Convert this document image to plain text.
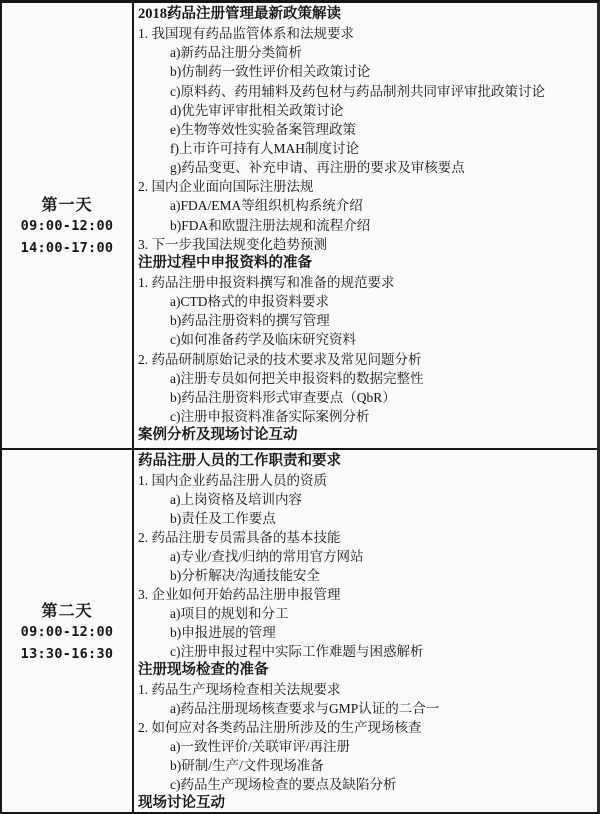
第一天
09:00-12:00
14:00-17:00
2018药品注册管理最新政策解读
1. 我国现有药品监管体系和法规要求
a)新药品注册分类简析
b)仿制药一致性评价相关政策讨论
c)原料药、药用辅料及药包材与药品制剂共同审评审批政策讨论
d)优先审评审批相关政策讨论
e)生物等效性实验备案管理政策
f)上市许可持有人MAH制度讨论
g)药品变更、补充申请、再注册的要求及审核要点
2. 国内企业面向国际注册法规
a)FDA/EMA等组织机构系统介绍
b)FDA和欧盟注册法规和流程介绍
3. 下一步我国法规变化趋势预测
注册过程中申报资料的准备
1. 药品注册申报资料撰写和准备的规范要求
a)CTD格式的申报资料要求
b)药品注册资料的撰写管理
c)如何准备药学及临床研究资料
2. 药品研制原始记录的技术要求及常见问题分析
a)注册专员如何把关申报资料的数据完整性
b)药品注册资料形式审查要点（QbR）
c)注册申报资料准备实际案例分析
案例分析及现场讨论互动
第二天
09:00-12:00
13:30-16:30
药品注册人员的工作职责和要求
1. 国内企业药品注册人员的资质
a)上岗资格及培训内容
b)责任及工作要点
2. 药品注册专员需具备的基本技能
a)专业/查找/归纳的常用官方网站
b)分析解决/沟通技能安全
3. 企业如何开始药品注册申报管理
a)项目的规划和分工
b)申报进展的管理
c)注册申报过程中实际工作难题与困惑解析
注册现场检查的准备
1. 药品生产现场检查相关法规要求
a)药品注册现场核查要求与GMP认证的二合一
2. 如何应对各类药品注册所涉及的生产现场核查
a)一致性评价/关联审评/再注册
b)研制/生产/文件现场准备
c)药品生产现场检查的要点及缺陷分析
现场讨论互动
